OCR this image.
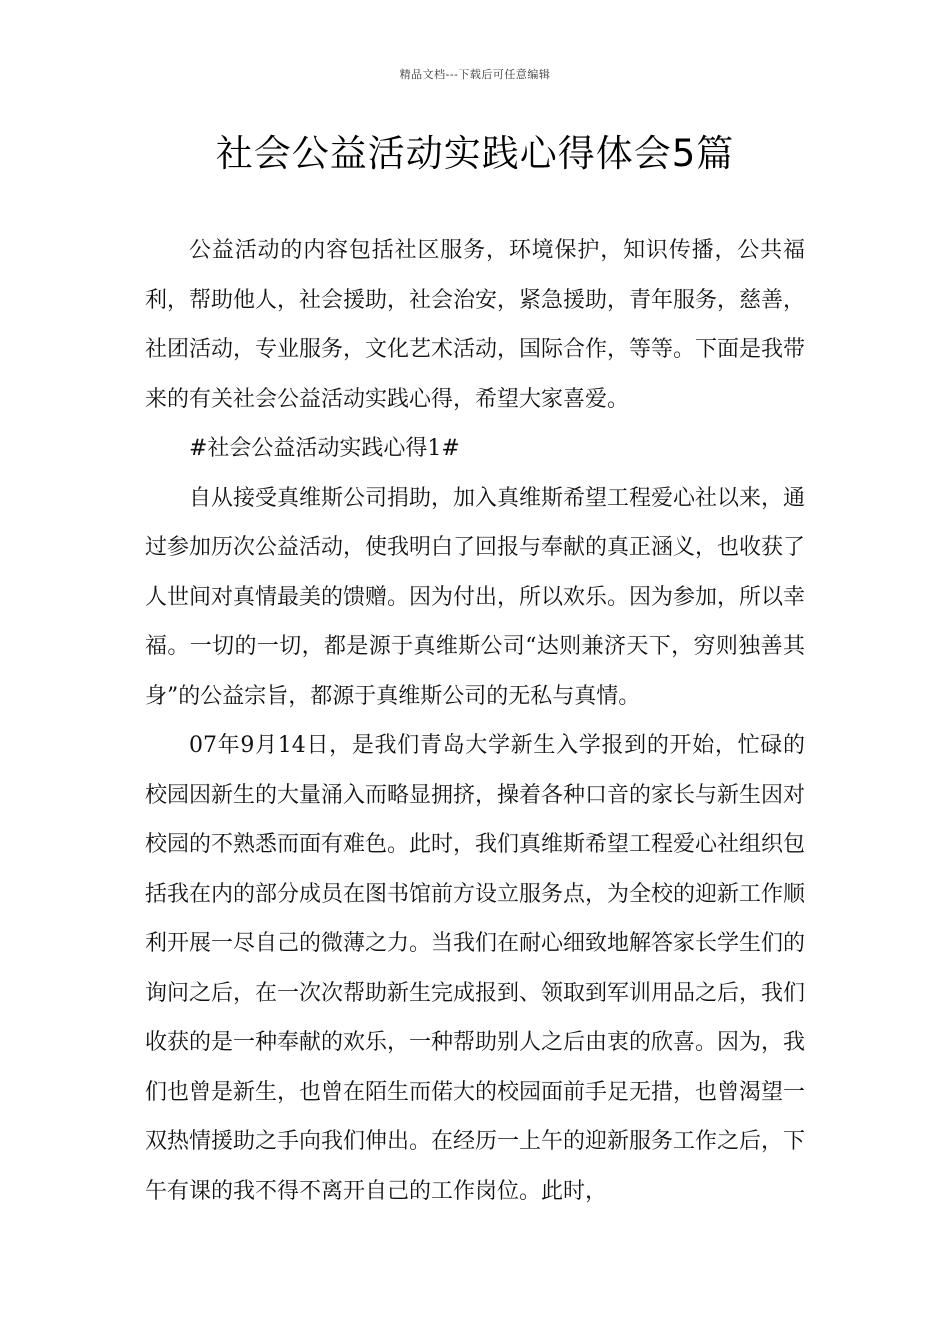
精品文档---下载后可任意编辑
社会公益活动实践心得体会5篇

公益活动的内容包括社区服务，环境保护，知识传播，公共福利，帮助他人，社会援助，社会治安，紧急援助，青年服务，慈善，社团活动，专业服务，文化艺术活动，国际合作，等等。下面是我带来的有关社会公益活动实践心得，希望大家喜爱。

#社会公益活动实践心得1#

自从接受真维斯公司捐助，加入真维斯希望工程爱心社以来，通过参加历次公益活动，使我明白了回报与奉献的真正涵义，也收获了人世间对真情最美的馈赠。因为付出，所以欢乐。因为参加，所以幸福。一切的一切，都是源于真维斯公司“达则兼济天下，穷则独善其身”的公益宗旨，都源于真维斯公司的无私与真情。

07年9月14日，是我们青岛大学新生入学报到的开始，忙碌的校园因新生的大量涌入而略显拥挤，操着各种口音的家长与新生因对校园的不熟悉而面有难色。此时，我们真维斯希望工程爱心社组织包括我在内的部分成员在图书馆前方设立服务点，为全校的迎新工作顺利开展一尽自己的微薄之力。当我们在耐心细致地解答家长学生们的询问之后，在一次次帮助新生完成报到、领取到军训用品之后，我们收获的是一种奉献的欢乐，一种帮助别人之后由衷的欣喜。因为，我们也曾是新生，也曾在陌生而偌大的校园面前手足无措，也曾渴望一双热情援助之手向我们伸出。在经历一上午的迎新服务工作之后，下午有课的我不得不离开自己的工作岗位。此时，
